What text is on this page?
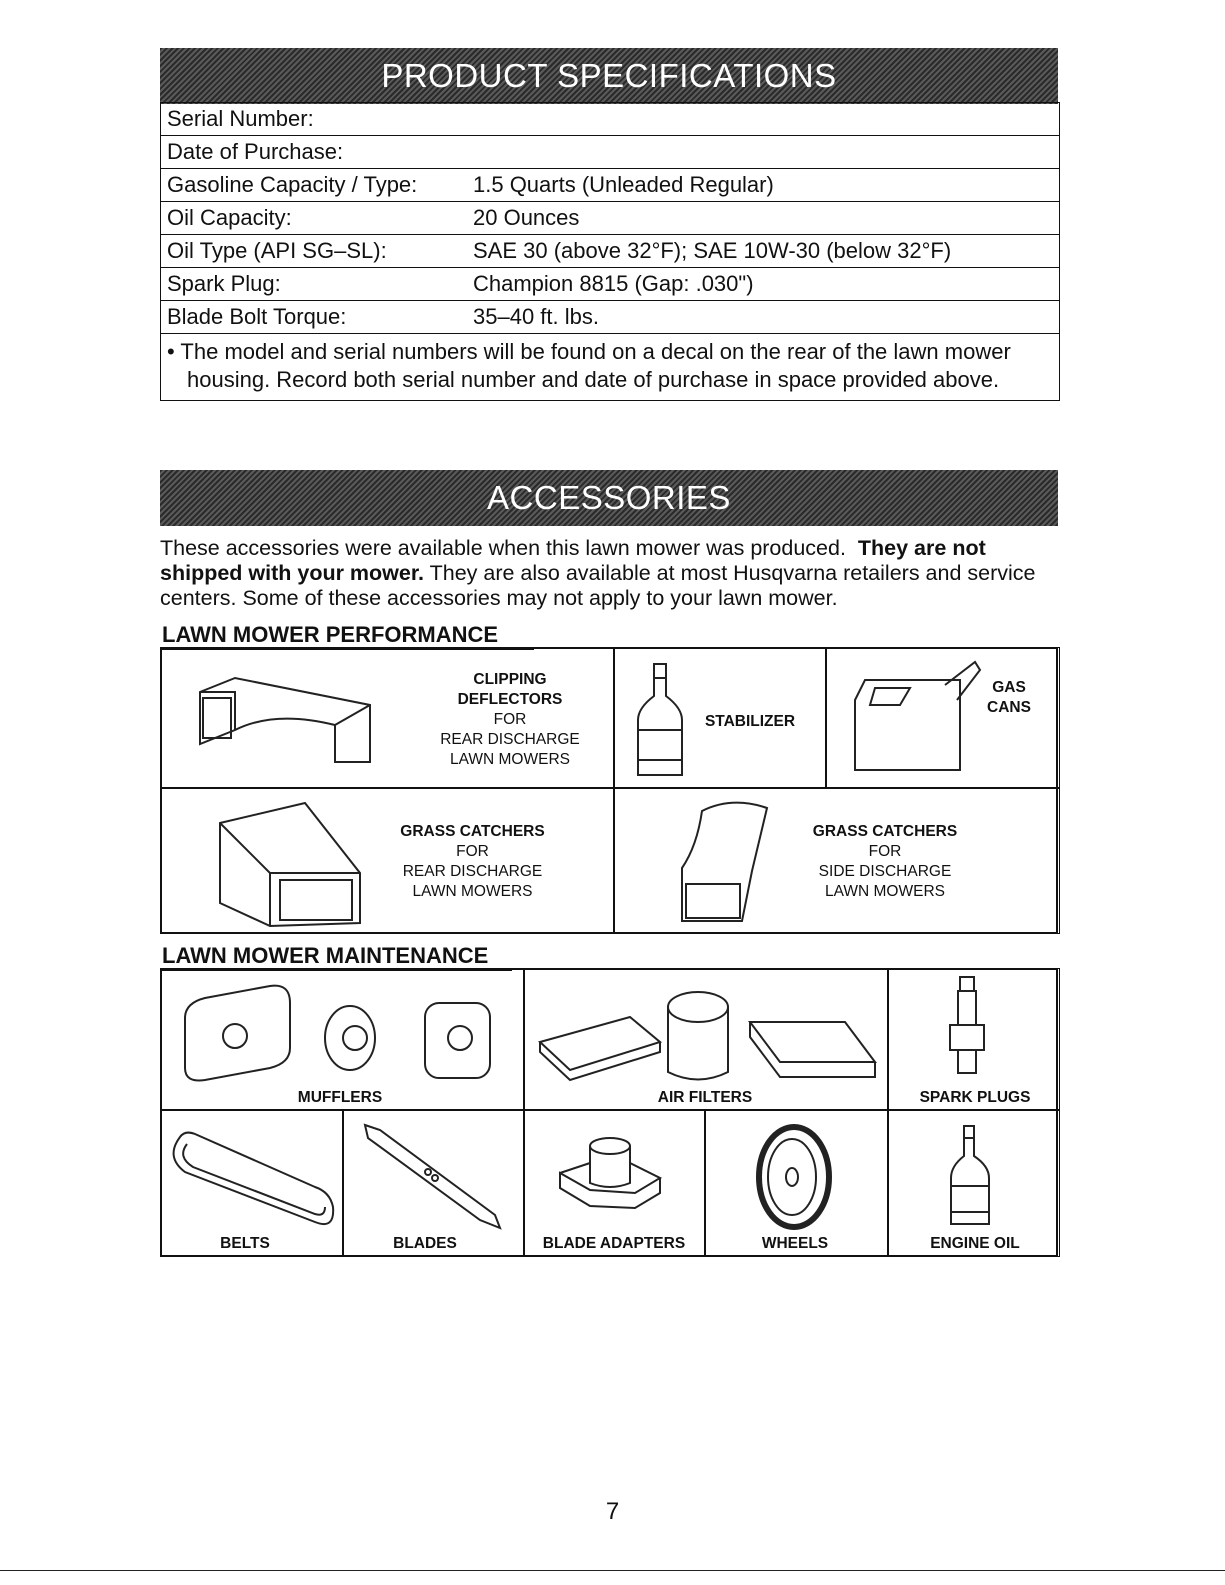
PRODUCT SPECIFICATIONS
Serial Number:
Date of Purchase:
Gasoline Capacity / Type:	1.5 Quarts (Unleaded Regular)
Oil Capacity:	20 Ounces
Oil Type (API SG–SL):	SAE 30 (above 32°F); SAE 10W-30 (below 32°F)
Spark Plug:	Champion 8815 (Gap: .030")
Blade Bolt Torque:	35–40 ft. lbs.
• The model and serial numbers will be found on a decal on the rear of the lawn mower
housing. Record both serial number and date of purchase in space provided above.
ACCESSORIES
These accessories were available when this lawn mower was produced. They are not shipped with your mower. They are also available at most Husqvarna retailers and service centers. Some of these accessories may not apply to your lawn mower.
LAWN MOWER PERFORMANCE
CLIPPING
DEFLECTORS
FOR
REAR DISCHARGE
LAWN MOWERS
STABILIZER
GAS
CANS
GRASS CATCHERS
FOR
REAR DISCHARGE
LAWN MOWERS
GRASS CATCHERS
FOR
SIDE DISCHARGE
LAWN MOWERS
LAWN MOWER MAINTENANCE
MUFFLERS	AIR FILTERS	SPARK PLUGS
BELTS	BLADES	BLADE ADAPTERS	WHEELS	ENGINE OIL
7
